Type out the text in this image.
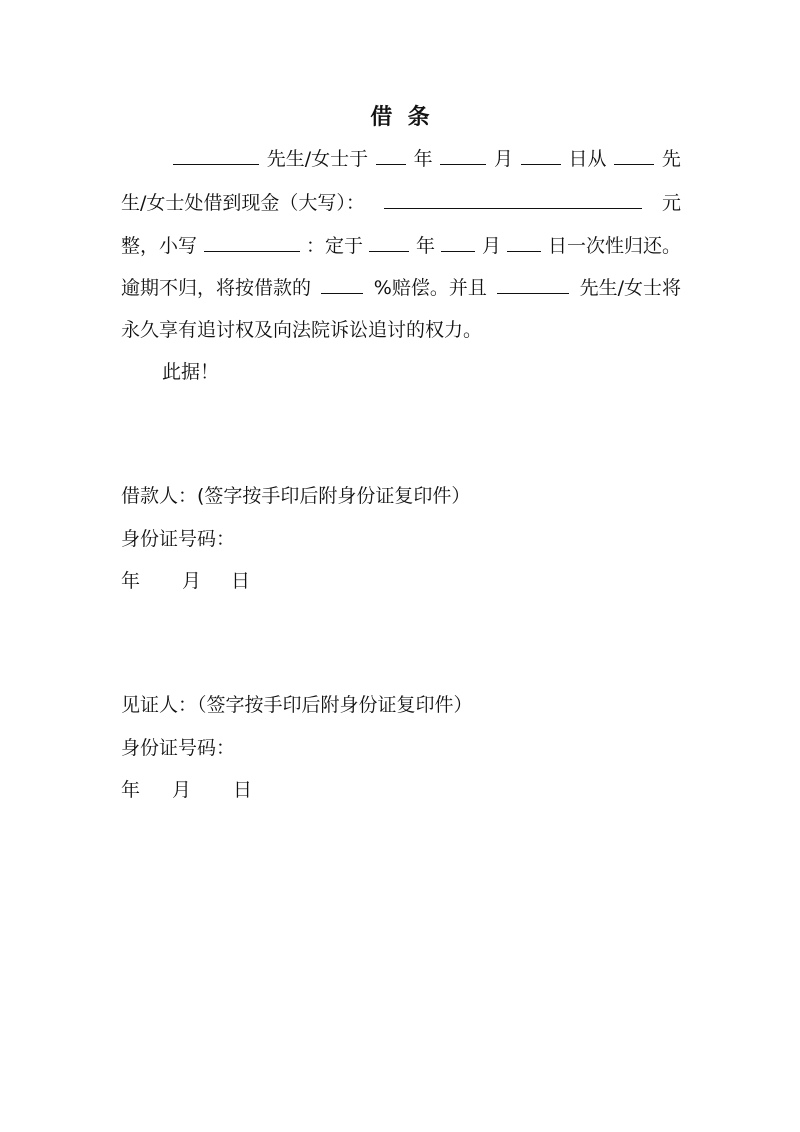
借  条
先生/女士于 年	月	日从	先
生/女士处借到现金（大写）：	元
整，小写	：定于	年 月 日一次性归还。
逾期不归，将按借款的	%赔偿。并且	先生/女士将
永久享有追讨权及向法院诉讼追讨的权力。
此据！
借款人：(签字按手印后附身份证复印件）
身份证号码：
年 月 日
见证人：（签字按手印后附身份证复印件）
身份证号码：
年 月 日
